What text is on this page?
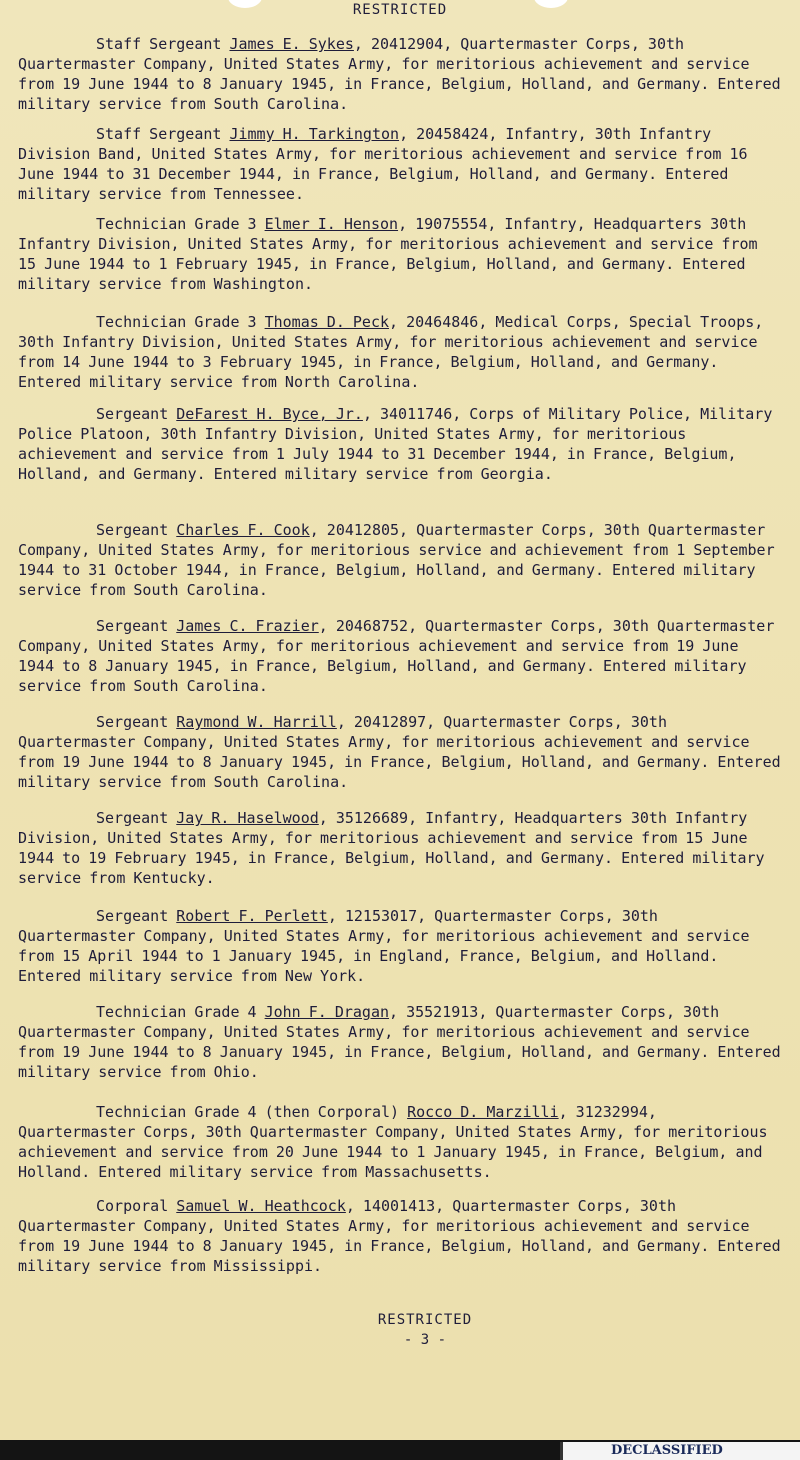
RESTRICTED

Staff Sergeant James E. Sykes, 20412904, Quartermaster Corps, 30th Quartermaster Company, United States Army, for meritorious achievement and service from 19 June 1944 to 8 January 1945, in France, Belgium, Holland, and Germany. Entered military service from South Carolina.

Staff Sergeant Jimmy H. Tarkington, 20458424, Infantry, 30th Infantry Division Band, United States Army, for meritorious achievement and service from 16 June 1944 to 31 December 1944, in France, Belgium, Holland, and Germany. Entered military service from Tennessee.

Technician Grade 3 Elmer I. Henson, 19075554, Infantry, Headquarters 30th Infantry Division, United States Army, for meritorious achievement and service from 15 June 1944 to 1 February 1945, in France, Belgium, Holland, and Germany. Entered military service from Washington.

Technician Grade 3 Thomas D. Peck, 20464846, Medical Corps, Special Troops, 30th Infantry Division, United States Army, for meritorious achievement and service from 14 June 1944 to 3 February 1945, in France, Belgium, Holland, and Germany. Entered military service from North Carolina.

Sergeant DeFarest H. Byce, Jr., 34011746, Corps of Military Police, Military Police Platoon, 30th Infantry Division, United States Army, for meritorious achievement and service from 1 July 1944 to 31 December 1944, in France, Belgium, Holland, and Germany. Entered military service from Georgia.

Sergeant Charles F. Cook, 20412805, Quartermaster Corps, 30th Quartermaster Company, United States Army, for meritorious service and achievement from 1 September 1944 to 31 October 1944, in France, Belgium, Holland, and Germany. Entered military service from South Carolina.

Sergeant James C. Frazier, 20468752, Quartermaster Corps, 30th Quartermaster Company, United States Army, for meritorious achievement and service from 19 June 1944 to 8 January 1945, in France, Belgium, Holland, and Germany. Entered military service from South Carolina.

Sergeant Raymond W. Harrill, 20412897, Quartermaster Corps, 30th Quartermaster Company, United States Army, for meritorious achievement and service from 19 June 1944 to 8 January 1945, in France, Belgium, Holland, and Germany. Entered military service from South Carolina.

Sergeant Jay R. Haselwood, 35126689, Infantry, Headquarters 30th Infantry Division, United States Army, for meritorious achievement and service from 15 June 1944 to 19 February 1945, in France, Belgium, Holland, and Germany. Entered military service from Kentucky.

Sergeant Robert F. Perlett, 12153017, Quartermaster Corps, 30th Quartermaster Company, United States Army, for meritorious achievement and service from 15 April 1944 to 1 January 1945, in England, France, Belgium, and Holland. Entered military service from New York.

Technician Grade 4 John F. Dragan, 35521913, Quartermaster Corps, 30th Quartermaster Company, United States Army, for meritorious achievement and service from 19 June 1944 to 8 January 1945, in France, Belgium, Holland, and Germany. Entered military service from Ohio.

Technician Grade 4 (then Corporal) Rocco D. Marzilli, 31232994, Quartermaster Corps, 30th Quartermaster Company, United States Army, for meritorious achievement and service from 20 June 1944 to 1 January 1945, in France, Belgium, and Holland. Entered military service from Massachusetts.

Corporal Samuel W. Heathcock, 14001413, Quartermaster Corps, 30th Quartermaster Company, United States Army, for meritorious achievement and service from 19 June 1944 to 8 January 1945, in France, Belgium, Holland, and Germany. Entered military service from Mississippi.

RESTRICTED
- 3 -
DECLASSIFIED
